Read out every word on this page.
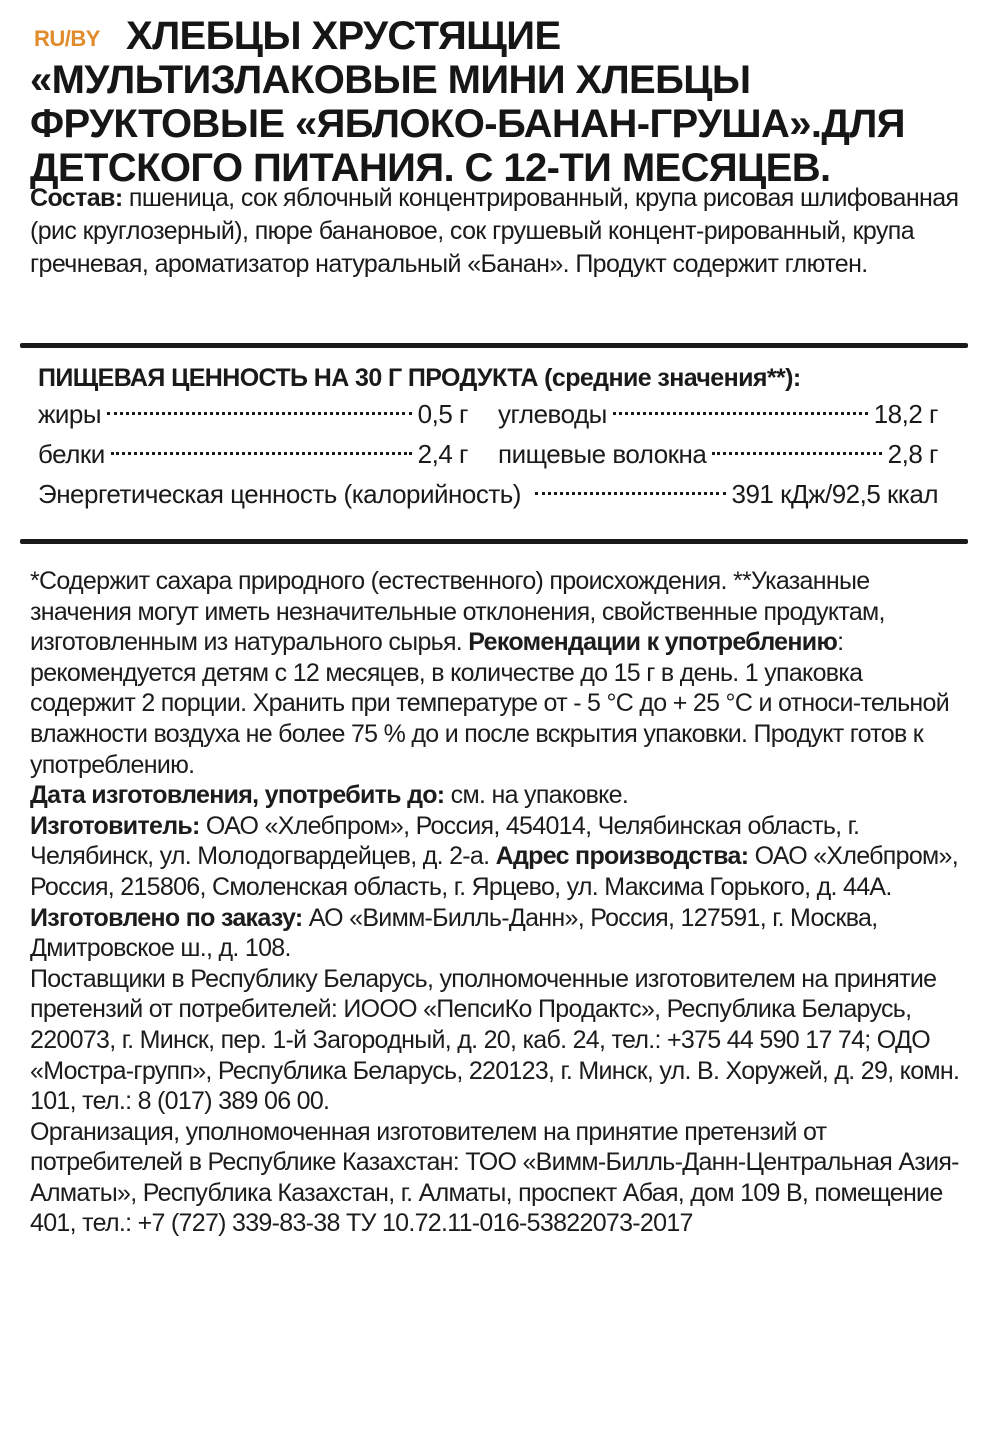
RU/BY ХЛЕБЦЫ ХРУСТЯЩИЕ «МУЛЬТИЗЛАКОВЫЕ МИНИ ХЛЕБЦЫ ФРУКТОВЫЕ «ЯБЛОКО-БАНАН-ГРУША».ДЛЯ ДЕТСКОГО ПИТАНИЯ. С 12-ТИ МЕСЯЦЕВ.
Состав: пшеница, сок яблочный концентрированный, крупа рисовая шлифованная (рис круглозерный), пюре банановое, сок грушевый концент-рированный, крупа гречневая, ароматизатор натуральный «Банан». Продукт содержит глютен.
ПИЩЕВАЯ ЦЕННОСТЬ НА 30 Г ПРОДУКТА (средние значения**):
жиры	0,5 г углеводы	18,2 г
белки	2,4 г пищевые волокна	2,8 г
Энергетическая ценность (калорийность)	391 кДж/92,5 ккал

*Содержит сахара природного (естественного) происхождения. **Указанные значения могут иметь незначительные отклонения, свойственные продуктам, изготовленным из натурального сырья. Рекомендации к употреблению: рекомендуется детям с 12 месяцев, в количестве до 15 г в день. 1 упаковка содержит 2 порции. Хранить при температуре от - 5 °С до + 25 °С и относи-тельной влажности воздуха не более 75 % до и после вскрытия упаковки. Продукт готов к употреблению.

Дата изготовления, употребить до: см. на упаковке.

Изготовитель: ОАО «Хлебпром», Россия, 454014, Челябинская область, г. Челябинск, ул. Молодогвардейцев, д. 2-а. Адрес производства: ОАО «Хлебпром», Россия, 215806, Смоленская область, г. Ярцево, ул. Максима Горького, д. 44А. Изготовлено по заказу: АО «Вимм-Билль-Данн», Россия, 127591, г. Москва, Дмитровское ш., д. 108.

Поставщики в Республику Беларусь, уполномоченные изготовителем на принятие претензий от потребителей: ИООО «ПепсиКо Продактс», Республика Беларусь, 220073, г. Минск, пер. 1-й Загородный, д. 20, каб. 24, тел.: +375 44 590 17 74; ОДО «Мостра-групп», Республика Беларусь, 220123, г. Минск, ул. В. Хоружей, д. 29, комн. 101, тел.: 8 (017) 389 06 00.

Организация, уполномоченная изготовителем на принятие претензий от потребителей в Республике Казахстан: ТОО «Вимм-Билль-Данн-Центральная Азия-Алматы», Республика Казахстан, г. Алматы, проспект Абая, дом 109 В, помещение 401, тел.: +7 (727) 339-83-38 ТУ 10.72.11-016-53822073-2017
